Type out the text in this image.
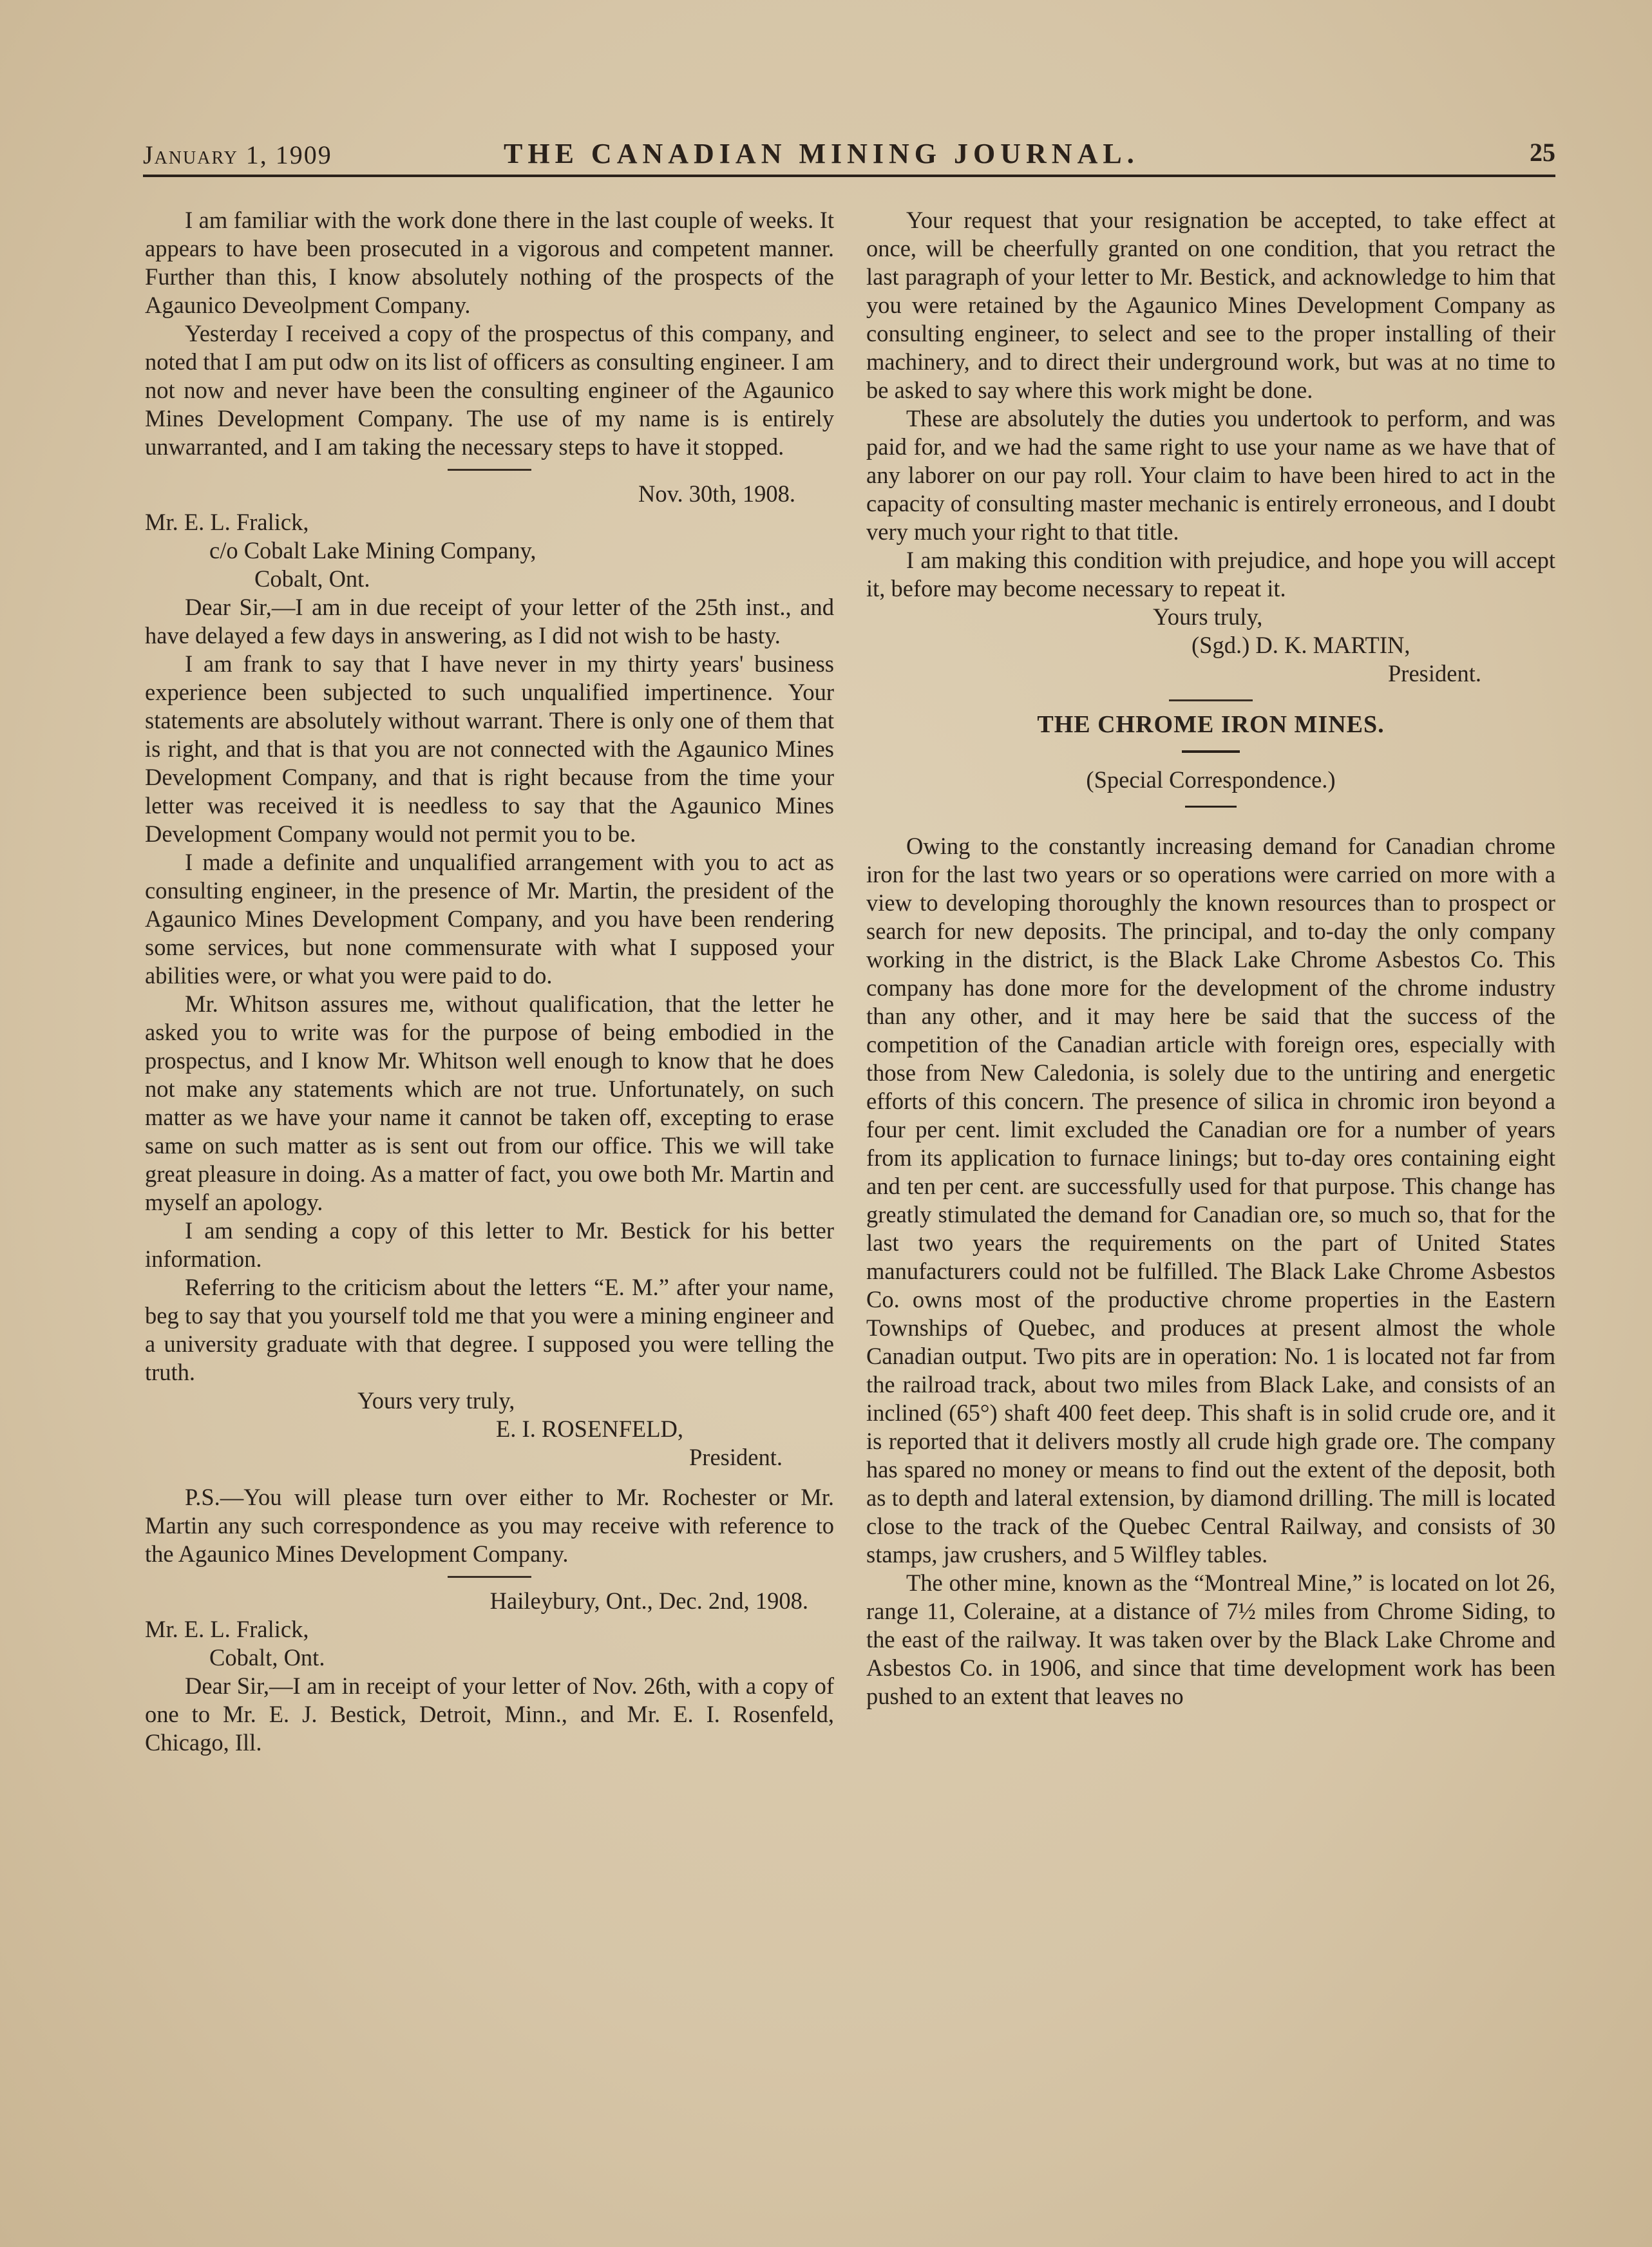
January 1, 1909	THE CANADIAN MINING JOURNAL.	25

I am familiar with the work done there in the last couple of weeks. It appears to have been prosecuted in a vigorous and competent manner. Further than this, I know absolutely nothing of the prospects of the Agaunico Deveolpment Company.

Yesterday I received a copy of the prospectus of this company, and noted that I am put odw on its list of officers as consulting engineer. I am not now and never have been the consulting engineer of the Agaunico Mines Development Company. The use of my name is is entirely unwarranted, and I am taking the necessary steps to have it stopped.

Nov. 30th, 1908.

Mr. E. L. Fralick,

c/o Cobalt Lake Mining Company,

Cobalt, Ont.

Dear Sir,—I am in due receipt of your letter of the 25th inst., and have delayed a few days in answering, as I did not wish to be hasty.

I am frank to say that I have never in my thirty years' business experience been subjected to such unqualified impertinence. Your statements are absolutely without warrant. There is only one of them that is right, and that is that you are not connected with the Agaunico Mines Development Company, and that is right because from the time your letter was received it is needless to say that the Agaunico Mines Development Company would not permit you to be.

I made a definite and unqualified arrangement with you to act as consulting engineer, in the presence of Mr. Martin, the president of the Agaunico Mines Development Company, and you have been rendering some services, but none commensurate with what I supposed your abilities were, or what you were paid to do.

Mr. Whitson assures me, without qualification, that the letter he asked you to write was for the purpose of being embodied in the prospectus, and I know Mr. Whitson well enough to know that he does not make any statements which are not true. Unfortunately, on such matter as we have your name it cannot be taken off, excepting to erase same on such matter as is sent out from our office. This we will take great pleasure in doing. As a matter of fact, you owe both Mr. Martin and myself an apology.

I am sending a copy of this letter to Mr. Bestick for his better information.

Referring to the criticism about the letters “E. M.” after your name, beg to say that you yourself told me that you were a mining engineer and a university graduate with that degree. I supposed you were telling the truth.

Yours very truly,

E. I. ROSENFELD,

President.

P.S.—You will please turn over either to Mr. Rochester or Mr. Martin any such correspondence as you may receive with reference to the Agaunico Mines Development Company.

Haileybury, Ont., Dec. 2nd, 1908.

Mr. E. L. Fralick,

Cobalt, Ont.

Dear Sir,—I am in receipt of your letter of Nov. 26th, with a copy of one to Mr. E. J. Bestick, Detroit, Minn., and Mr. E. I. Rosenfeld, Chicago, Ill.

Your request that your resignation be accepted, to take effect at once, will be cheerfully granted on one condition, that you retract the last paragraph of your letter to Mr. Bestick, and acknowledge to him that you were retained by the Agaunico Mines Development Company as consulting engineer, to select and see to the proper installing of their machinery, and to direct their underground work, but was at no time to be asked to say where this work might be done.

These are absolutely the duties you undertook to perform, and was paid for, and we had the same right to use your name as we have that of any laborer on our pay roll. Your claim to have been hired to act in the capacity of consulting master mechanic is entirely erroneous, and I doubt very much your right to that title.

I am making this condition with prejudice, and hope you will accept it, before may become necessary to repeat it.

Yours truly,

(Sgd.) D. K. MARTIN,

President.

THE CHROME IRON MINES.

(Special Correspondence.)

Owing to the constantly increasing demand for Canadian chrome iron for the last two years or so operations were carried on more with a view to developing thoroughly the known resources than to prospect or search for new deposits. The principal, and to-day the only company working in the district, is the Black Lake Chrome Asbestos Co. This company has done more for the development of the chrome industry than any other, and it may here be said that the success of the competition of the Canadian article with foreign ores, especially with those from New Caledonia, is solely due to the untiring and energetic efforts of this concern. The presence of silica in chromic iron beyond a four per cent. limit excluded the Canadian ore for a number of years from its application to furnace linings; but to-day ores containing eight and ten per cent. are successfully used for that purpose. This change has greatly stimulated the demand for Canadian ore, so much so, that for the last two years the requirements on the part of United States manufacturers could not be fulfilled. The Black Lake Chrome Asbestos Co. owns most of the productive chrome properties in the Eastern Townships of Quebec, and produces at present almost the whole Canadian output. Two pits are in operation: No. 1 is located not far from the railroad track, about two miles from Black Lake, and consists of an inclined (65°) shaft 400 feet deep. This shaft is in solid crude ore, and it is reported that it delivers mostly all crude high grade ore. The company has spared no money or means to find out the extent of the deposit, both as to depth and lateral extension, by diamond drilling. The mill is located close to the track of the Quebec Central Railway, and consists of 30 stamps, jaw crushers, and 5 Wilfley tables.

The other mine, known as the “Montreal Mine,” is located on lot 26, range 11, Coleraine, at a distance of 7½ miles from Chrome Siding, to the east of the railway. It was taken over by the Black Lake Chrome and Asbestos Co. in 1906, and since that time development work has been pushed to an extent that leaves no
